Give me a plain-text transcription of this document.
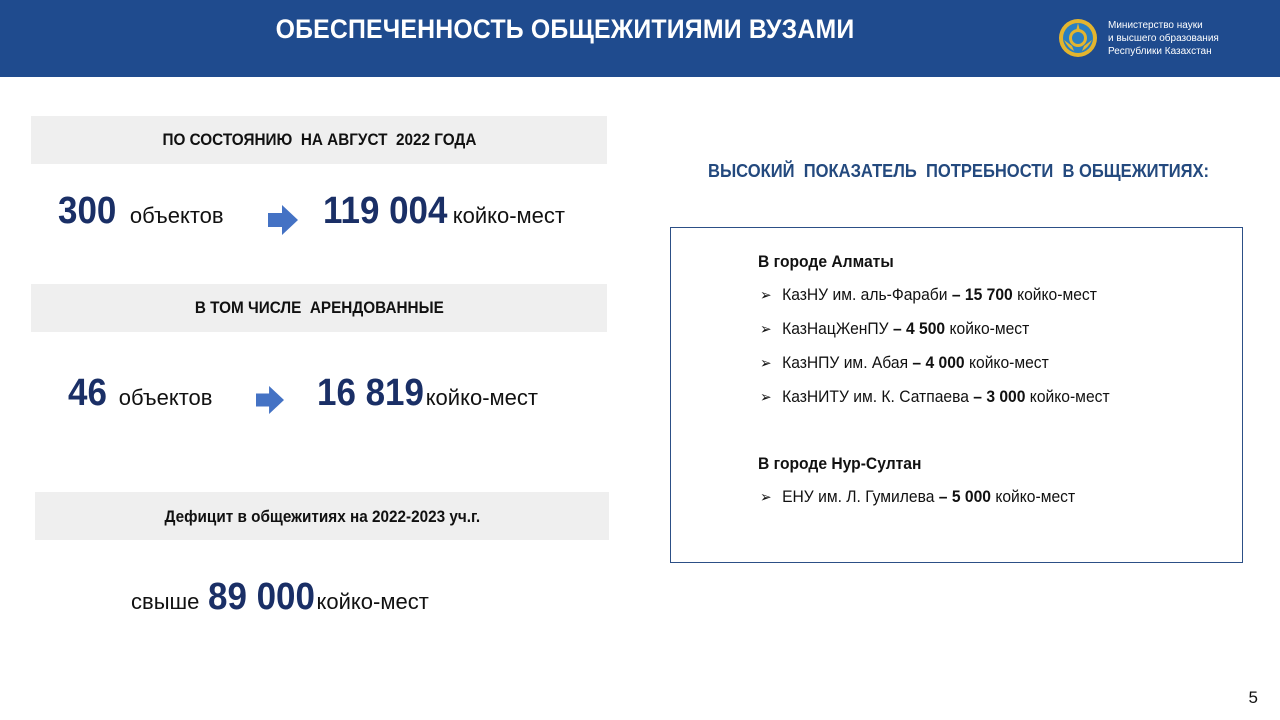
ОБЕСПЕЧЕННОСТЬ ОБЩЕЖИТИЯМИ ВУЗАМИ	Министерство науки
и высшего образования
Республики Казахстан
ПО СОСТОЯНИЮ  НА АВГУСТ  2022 ГОДА
300 объектов	119 004 койко-мест
В ТОМ ЧИСЛЕ  АРЕНДОВАННЫЕ
46 объектов	16 819 койко-мест
Дефицит в общежитиях на 2022-2023 уч.г.
свыше 89 000 койко-мест
ВЫСОКИЙ  ПОКАЗАТЕЛЬ  ПОТРЕБНОСТИ  В ОБЩЕЖИТИЯХ:
В городе Алматы
➢ КазНУ им. аль-Фараби – 15 700 койко-мест
➢ КазНацЖенПУ – 4 500 койко-мест
➢ КазНПУ им. Абая – 4 000 койко-мест
➢ КазНИТУ им. К. Сатпаева – 3 000 койко-мест
В городе Нур-Султан
➢ ЕНУ им. Л. Гумилева – 5 000 койко-мест
5
